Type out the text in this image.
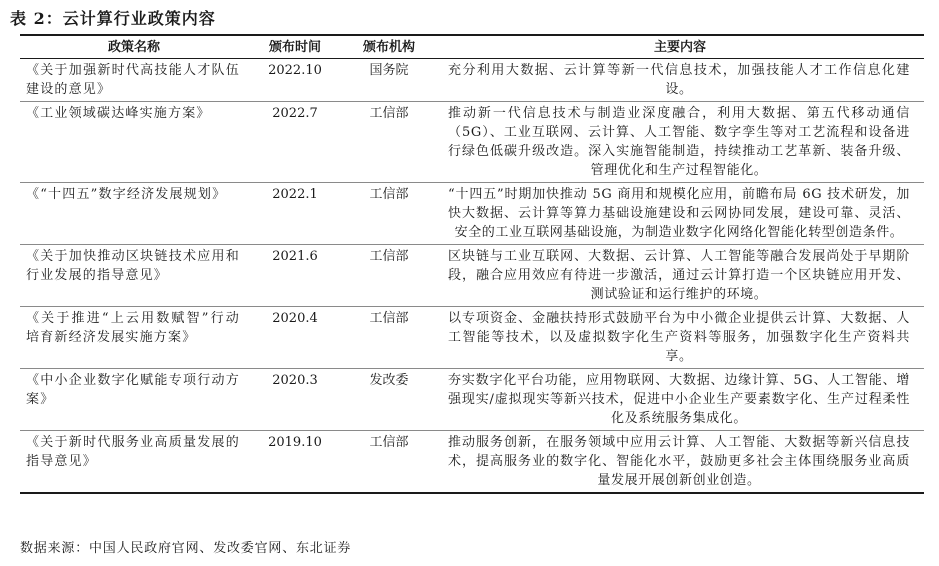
表 2：云计算行业政策内容
政策名称	颁布时间	颁布机构	主要内容
《关于加强新时代高技能人才队伍建设的意见》	2022.10	国务院	充分利用大数据、云计算等新一代信息技术，加强技能人才工作信息化建设。
《工业领域碳达峰实施方案》	2022.7	工信部	推动新一代信息技术与制造业深度融合，利用大数据、第五代移动通信（5G）、工业互联网、云计算、人工智能、数字孪生等对工艺流程和设备进行绿色低碳升级改造。深入实施智能制造，持续推动工艺革新、装备升级、管理优化和生产过程智能化。
《“十四五”数字经济发展规划》	2022.1	工信部	“十四五”时期加快推动 5G 商用和规模化应用，前瞻布局 6G 技术研发，加快大数据、云计算等算力基础设施建设和云网协同发展，建设可靠、灵活、安全的工业互联网基础设施，为制造业数字化网络化智能化转型创造条件。
《关于加快推动区块链技术应用和行业发展的指导意见》	2021.6	工信部	区块链与工业互联网、大数据、云计算、人工智能等融合发展尚处于早期阶段，融合应用效应有待进一步激活，通过云计算打造一个区块链应用开发、测试验证和运行维护的环境。
《关于推进“上云用数赋智”行动培育新经济发展实施方案》	2020.4	工信部	以专项资金、金融扶持形式鼓励平台为中小微企业提供云计算、大数据、人工智能等技术，以及虚拟数字化生产资料等服务，加强数字化生产资料共享。
《中小企业数字化赋能专项行动方案》	2020.3	发改委	夯实数字化平台功能，应用物联网、大数据、边缘计算、5G、人工智能、增强现实/虚拟现实等新兴技术，促进中小企业生产要素数字化、生产过程柔性化及系统服务集成化。
《关于新时代服务业高质量发展的指导意见》	2019.10	工信部	推动服务创新，在服务领域中应用云计算、人工智能、大数据等新兴信息技术，提高服务业的数字化、智能化水平，鼓励更多社会主体围绕服务业高质量发展开展创新创业创造。
数据来源：中国人民政府官网、发改委官网、东北证券
